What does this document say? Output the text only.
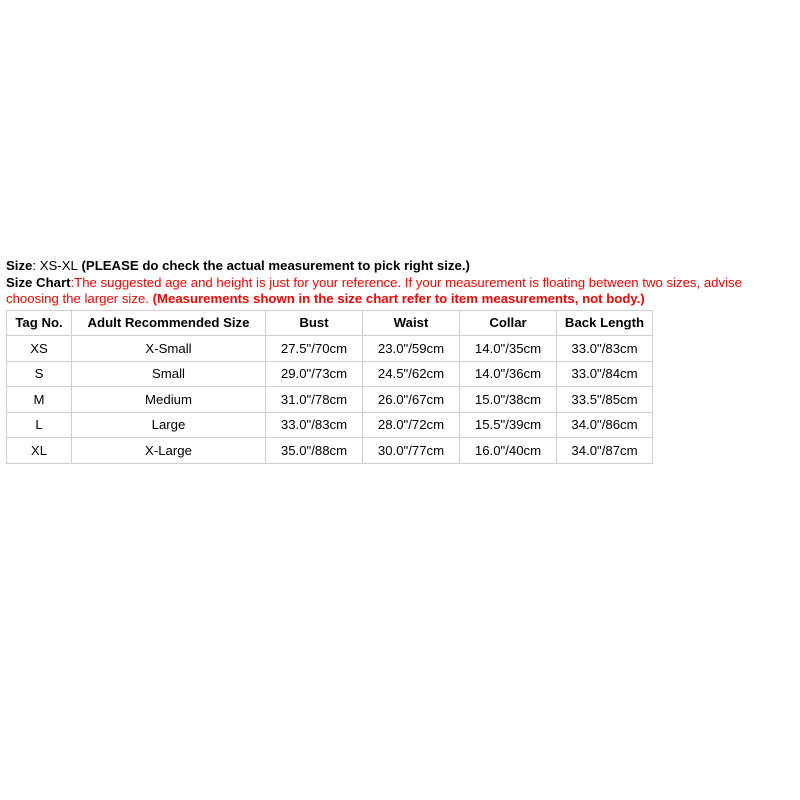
Size: XS-XL (PLEASE do check the actual measurement to pick right size.)
Size Chart:The suggested age and height is just for your reference. If your measurement is floating between two sizes, advise choosing the larger size. (Measurements shown in the size chart refer to item measurements, not body.)
Tag No.	Adult Recommended Size	Bust	Waist	Collar	Back Length
XS	X-Small	27.5"/70cm	23.0"/59cm	14.0"/35cm	33.0"/83cm
S	Small	29.0"/73cm	24.5"/62cm	14.0"/36cm	33.0"/84cm
M	Medium	31.0"/78cm	26.0"/67cm	15.0"/38cm	33.5"/85cm
L	Large	33.0"/83cm	28.0"/72cm	15.5"/39cm	34.0"/86cm
XL	X-Large	35.0"/88cm	30.0"/77cm	16.0"/40cm	34.0"/87cm
